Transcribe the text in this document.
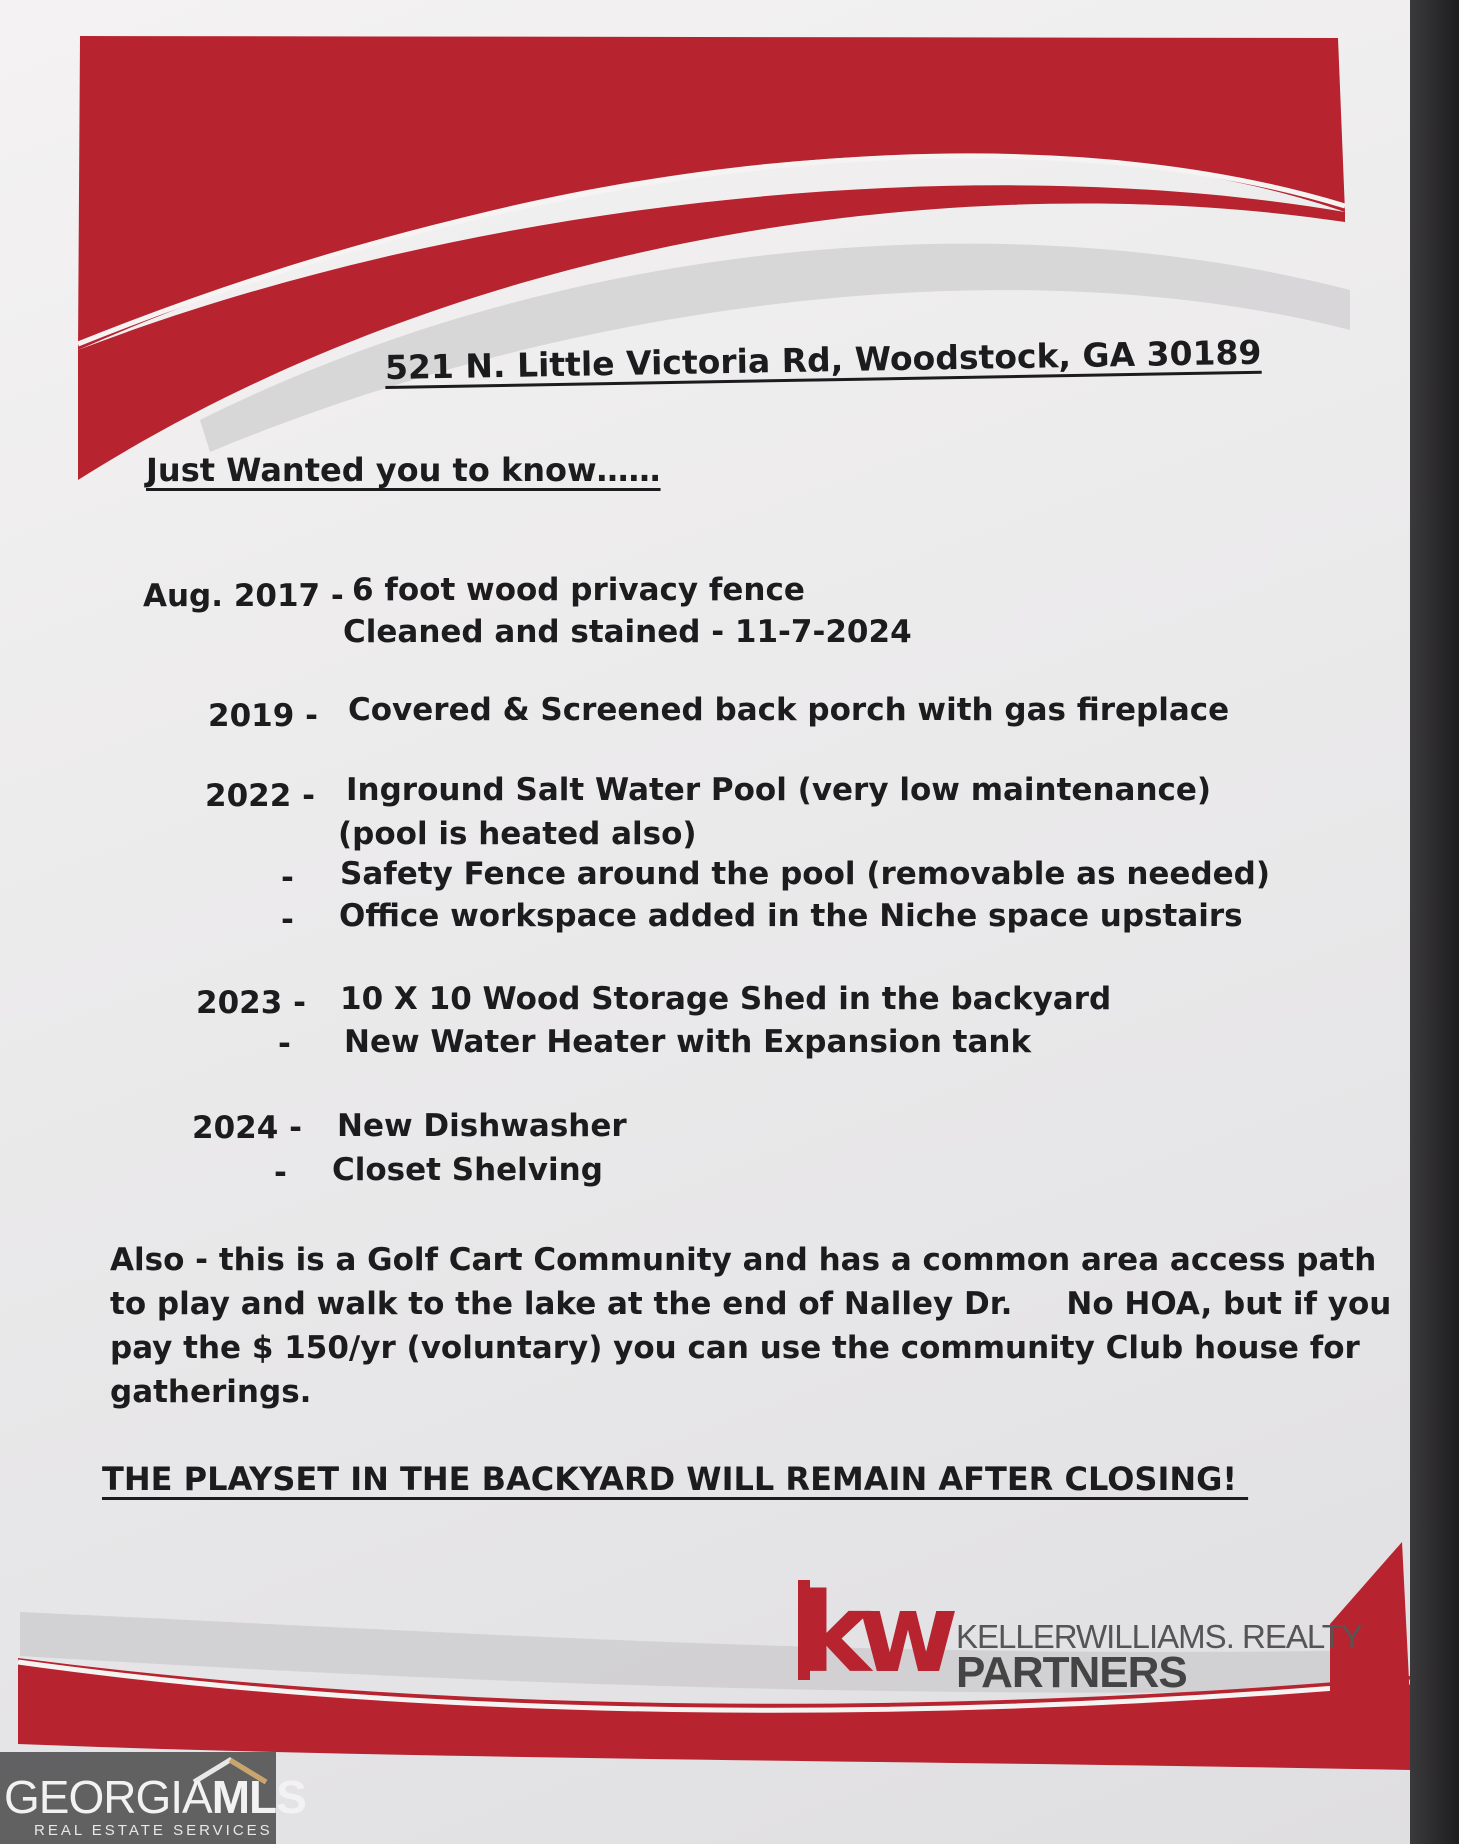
521 N. Little Victoria Rd, Woodstock, GA 30189
Just Wanted you to know……
Aug. 2017 - 6 foot wood privacy fence
Cleaned and stained - 11-7-2024
2019 - Covered & Screened back porch with gas fireplace
2022 - Inground Salt Water Pool (very low maintenance)
(pool is heated also)
- Safety Fence around the pool (removable as needed)
- Office workspace added in the Niche space upstairs
2023 - 10 X 10 Wood Storage Shed in the backyard
- New Water Heater with Expansion tank
2024 - New Dishwasher
- Closet Shelving
Also - this is a Golf Cart Community and has a common area access path
to play and walk to the lake at the end of Nalley Dr.     No HOA, but if you
pay the $ 150/yr (voluntary) you can use the community Club house for
gatherings.
THE PLAYSET IN THE BACKYARD WILL REMAIN AFTER CLOSING!
kw KELLERWILLIAMS. REALTY
PARTNERS
GEORGIAMLS
REAL ESTATE SERVICES
